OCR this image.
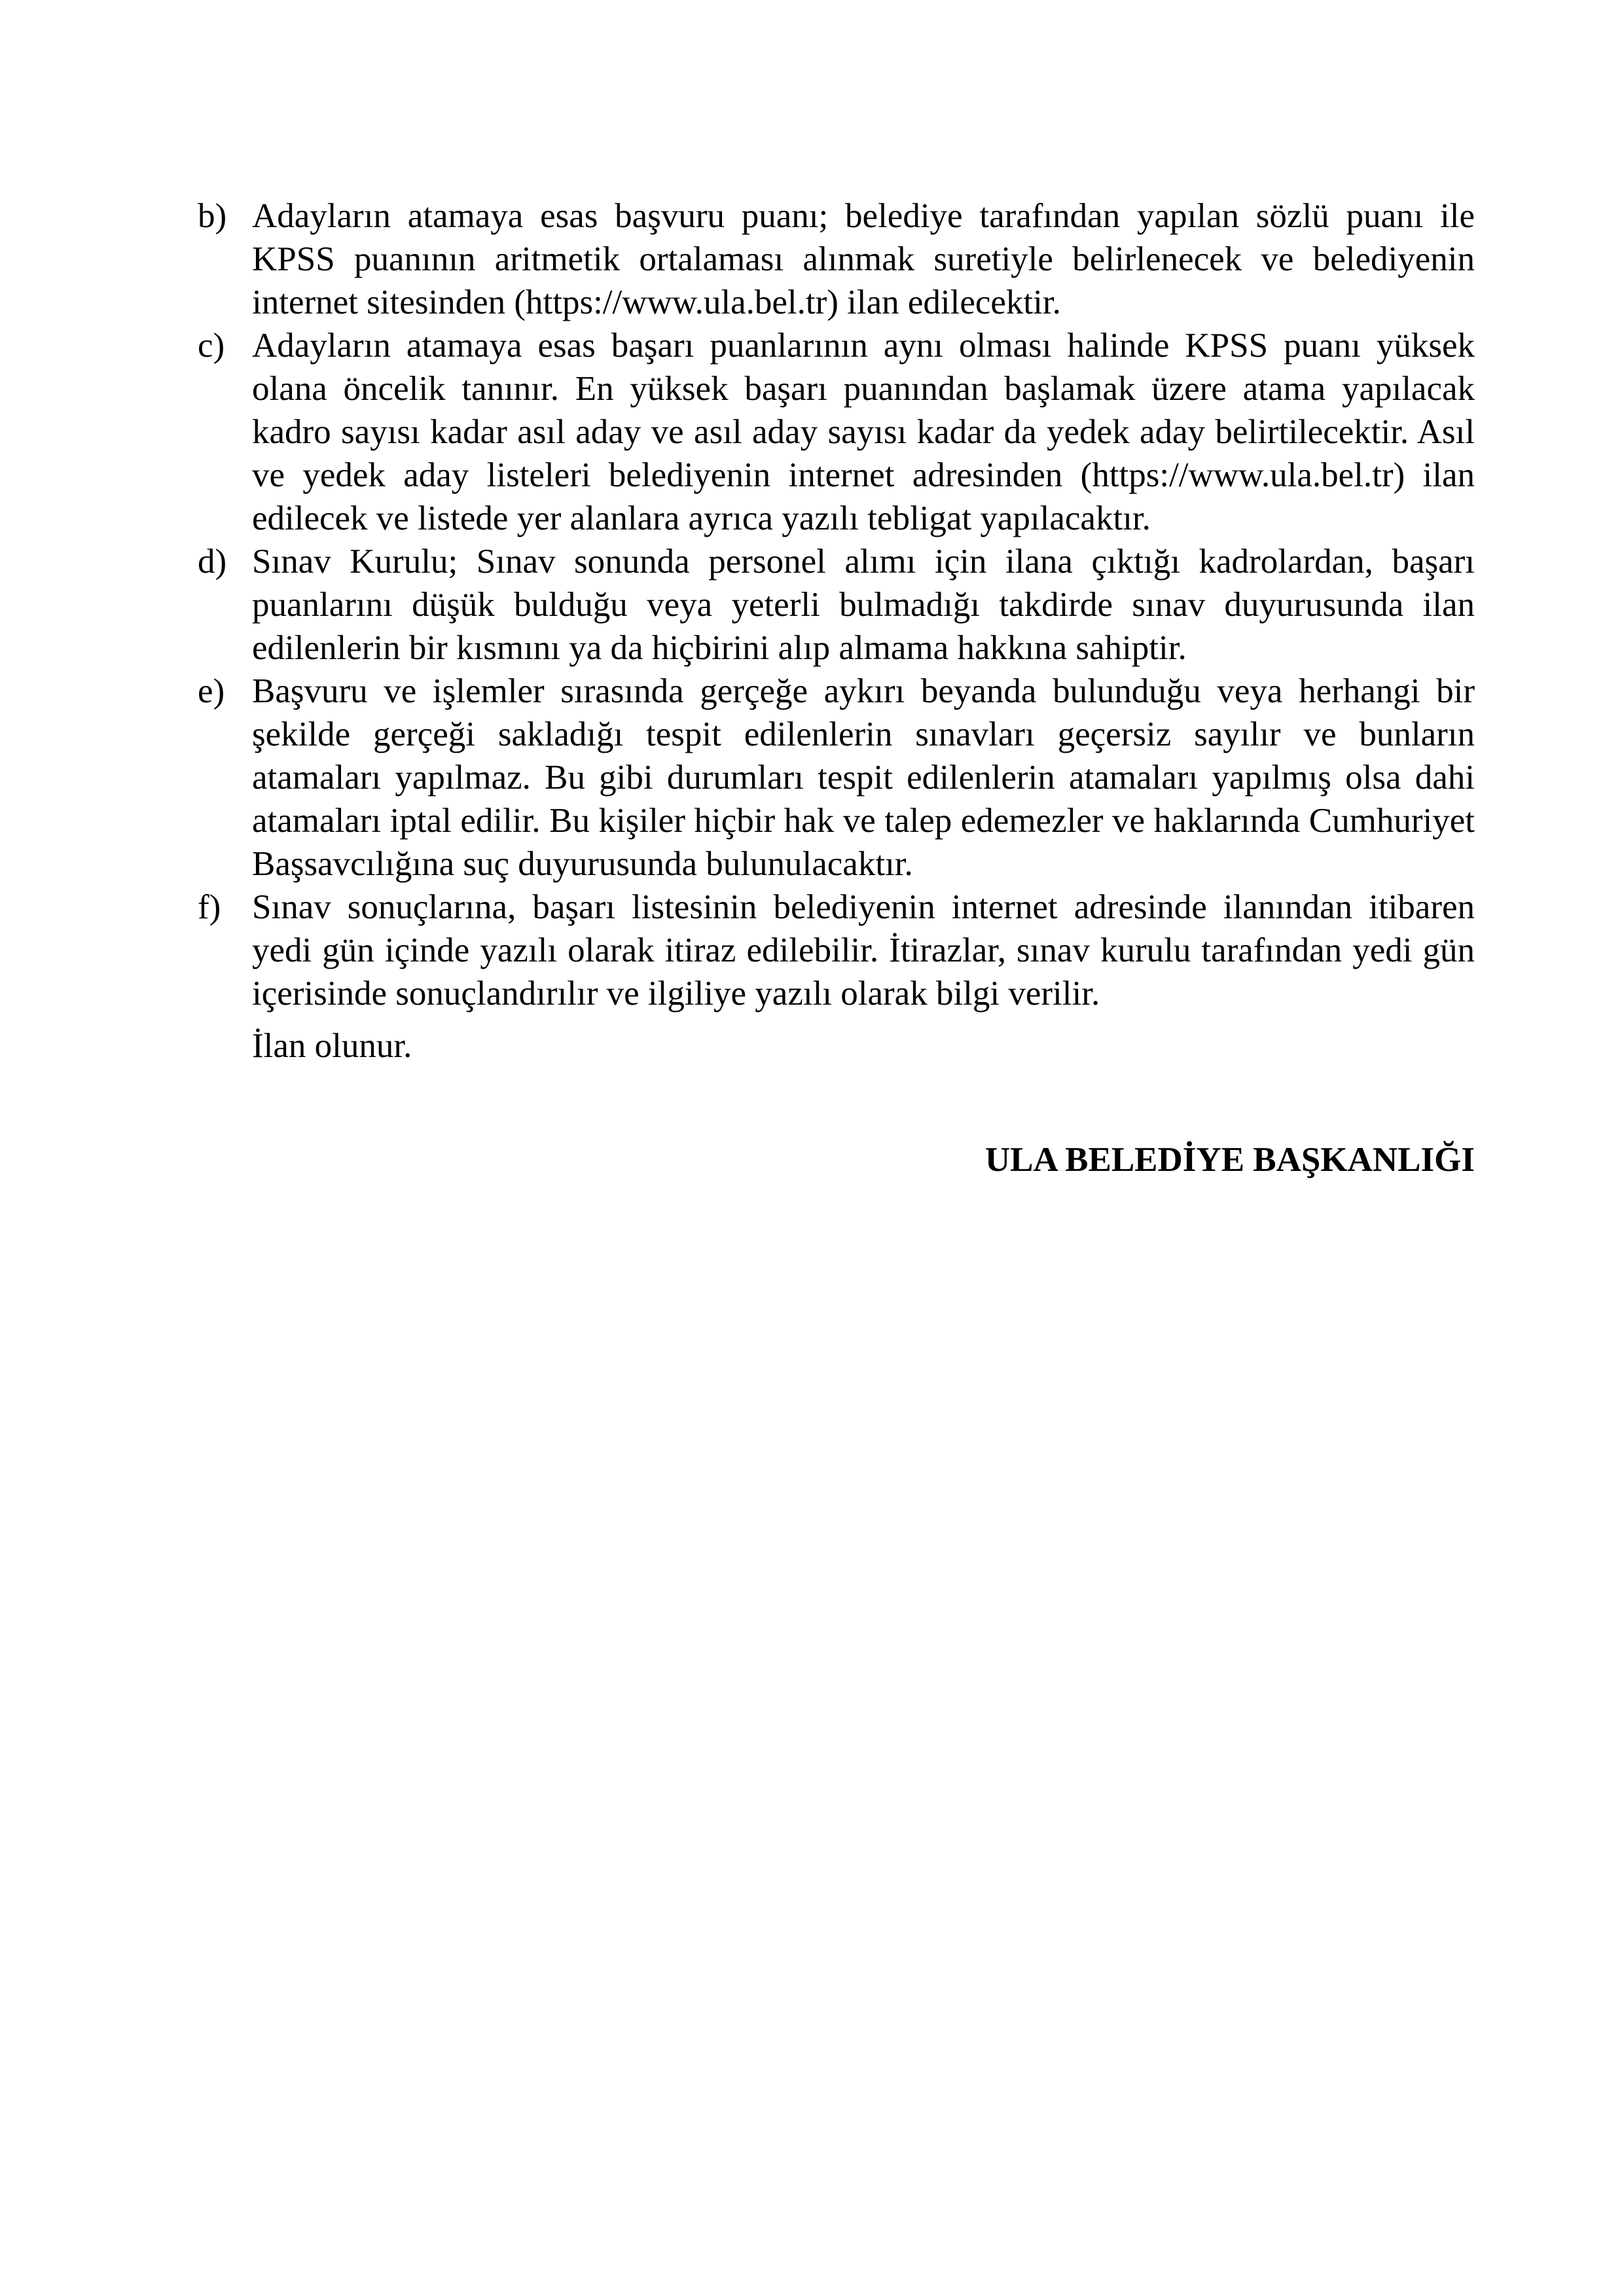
b) Adayların atamaya esas başvuru puanı; belediye tarafından yapılan sözlü puanı ile KPSS puanının aritmetik ortalaması alınmak suretiyle belirlenecek ve belediyenin internet sitesinden (https://www.ula.bel.tr) ilan edilecektir.
c) Adayların atamaya esas başarı puanlarının aynı olması halinde KPSS puanı yüksek olana öncelik tanınır. En yüksek başarı puanından başlamak üzere atama yapılacak kadro sayısı kadar asıl aday ve asıl aday sayısı kadar da yedek aday belirtilecektir. Asıl ve yedek aday listeleri belediyenin internet adresinden (https://www.ula.bel.tr) ilan edilecek ve listede yer alanlara ayrıca yazılı tebligat yapılacaktır.
d) Sınav Kurulu; Sınav sonunda personel alımı için ilana çıktığı kadrolardan, başarı puanlarını düşük bulduğu veya yeterli bulmadığı takdirde sınav duyurusunda ilan edilenlerin bir kısmını ya da hiçbirini alıp almama hakkına sahiptir.
e) Başvuru ve işlemler sırasında gerçeğe aykırı beyanda bulunduğu veya herhangi bir şekilde gerçeği sakladığı tespit edilenlerin sınavları geçersiz sayılır ve bunların atamaları yapılmaz. Bu gibi durumları tespit edilenlerin atamaları yapılmış olsa dahi atamaları iptal edilir. Bu kişiler hiçbir hak ve talep edemezler ve haklarında Cumhuriyet Başsavcılığına suç duyurusunda bulunulacaktır.
f) Sınav sonuçlarına, başarı listesinin belediyenin internet adresinde ilanından itibaren yedi gün içinde yazılı olarak itiraz edilebilir. İtirazlar, sınav kurulu tarafından yedi gün içerisinde sonuçlandırılır ve ilgiliye yazılı olarak bilgi verilir.

İlan olunur.

ULA BELEDİYE BAŞKANLIĞI
